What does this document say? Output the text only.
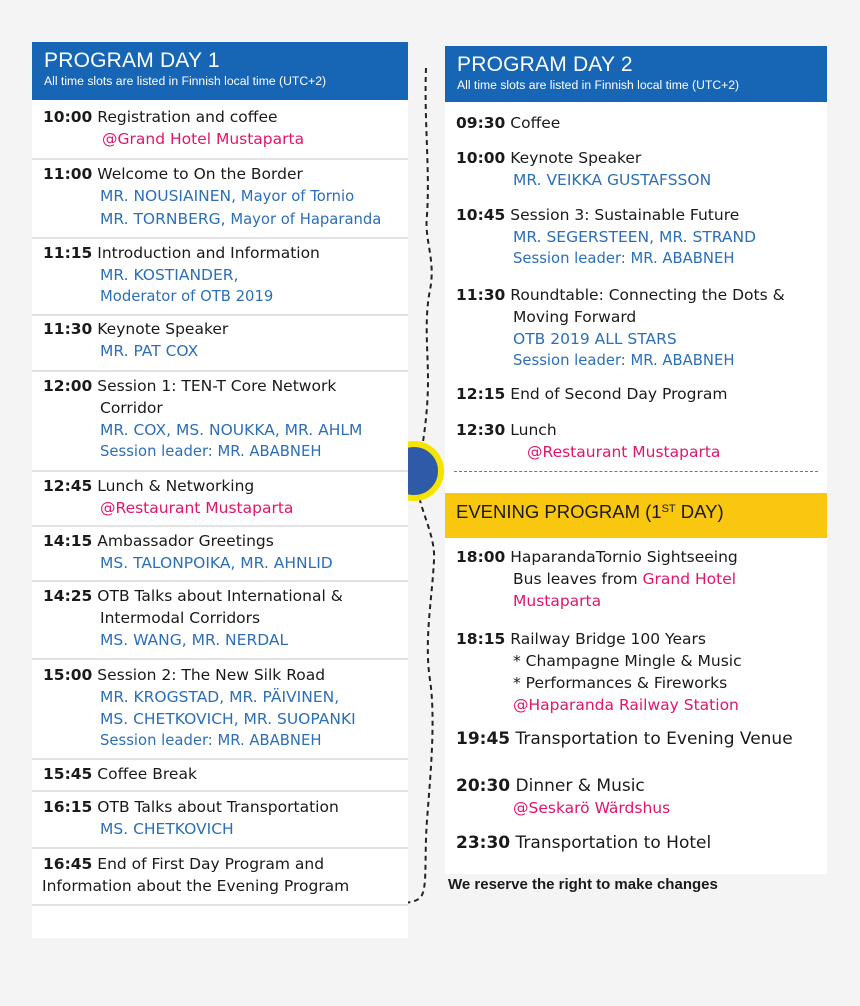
PROGRAM DAY 1
All time slots are listed in Finnish local time (UTC+2)
10:00 Registration and coffee
@Grand Hotel Mustaparta
11:00 Welcome to On the Border
MR. NOUSIAINEN, Mayor of Tornio
MR. TORNBERG, Mayor of Haparanda
11:15 Introduction and Information
MR. KOSTIANDER,
Moderator of OTB 2019
11:30 Keynote Speaker
MR. PAT COX
12:00 Session 1: TEN-T Core Network
Corridor
MR. COX, MS. NOUKKA, MR. AHLM
Session leader: MR. ABABNEH
12:45 Lunch & Networking
@Restaurant Mustaparta
14:15 Ambassador Greetings
MS. TALONPOIKA, MR. AHNLID
14:25 OTB Talks about International &
Intermodal Corridors
MS. WANG, MR. NERDAL
15:00 Session 2: The New Silk Road
MR. KROGSTAD, MR. PÄIVINEN,
MS. CHETKOVICH, MR. SUOPANKI
Session leader: MR. ABABNEH
15:45 Coffee Break
16:15 OTB Talks about Transportation
MS. CHETKOVICH
16:45 End of First Day Program and
Information about the Evening Program
PROGRAM DAY 2
All time slots are listed in Finnish local time (UTC+2)
09:30 Coffee
10:00 Keynote Speaker
MR. VEIKKA GUSTAFSSON
10:45 Session 3: Sustainable Future
MR. SEGERSTEEN, MR. STRAND
Session leader: MR. ABABNEH
11:30 Roundtable: Connecting the Dots &
Moving Forward
OTB 2019 ALL STARS
Session leader: MR. ABABNEH
12:15 End of Second Day Program
12:30 Lunch
@Restaurant Mustaparta
18:00 HaparandaTornio Sightseeing
Bus leaves from Grand Hotel
Mustaparta
18:15 Railway Bridge 100 Years
* Champagne Mingle & Music
* Performances & Fireworks
@Haparanda Railway Station
19:45 Transportation to Evening Venue
20:30 Dinner & Music
@Seskarö Wärdshus
23:30 Transportation to Hotel
EVENING PROGRAM (1ST DAY)
We reserve the right to make changes
